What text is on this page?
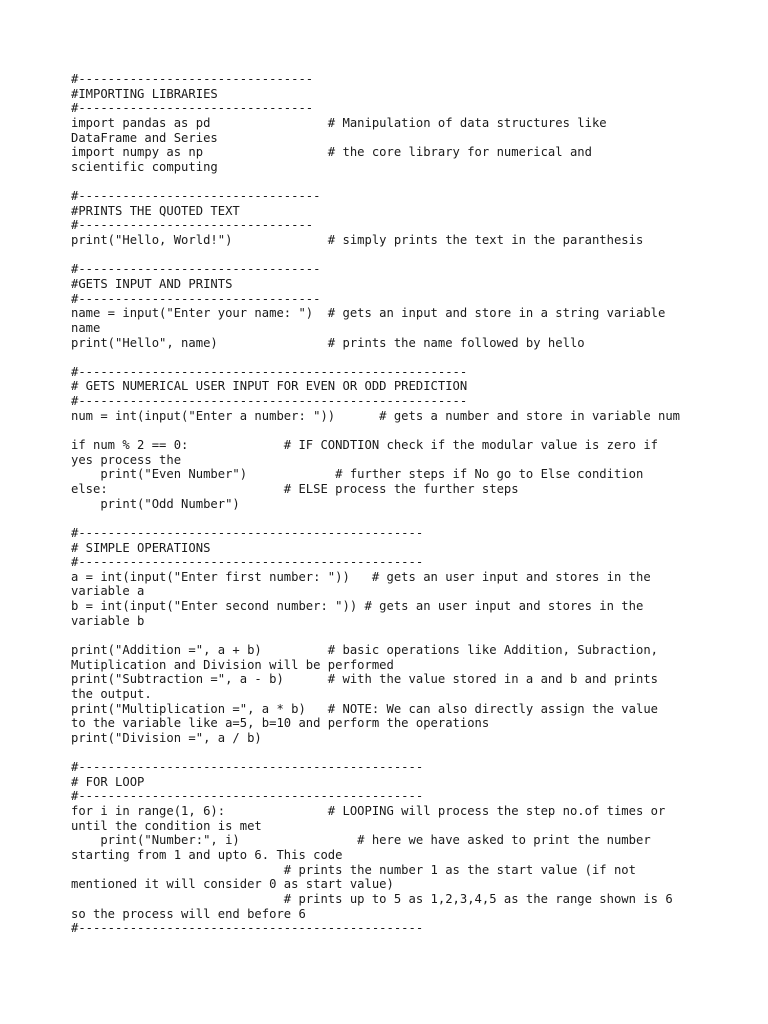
#--------------------------------
#IMPORTING LIBRARIES
#--------------------------------
import pandas as pd                # Manipulation of data structures like
DataFrame and Series
import numpy as np                 # the core library for numerical and
scientific computing
#---------------------------------
#PRINTS THE QUOTED TEXT
#--------------------------------
print("Hello, World!")             # simply prints the text in the paranthesis
#---------------------------------
#GETS INPUT AND PRINTS
#---------------------------------
name = input("Enter your name: ")  # gets an input and store in a string variable
name
print("Hello", name)               # prints the name followed by hello
#-----------------------------------------------------
# GETS NUMERICAL USER INPUT FOR EVEN OR ODD PREDICTION
#-----------------------------------------------------
num = int(input("Enter a number: "))      # gets a number and store in variable num
if num % 2 == 0:             # IF CONDTION check if the modular value is zero if
yes process the
print("Even Number")            # further steps if No go to Else condition
else:                        # ELSE process the further steps
print("Odd Number")
#-----------------------------------------------
# SIMPLE OPERATIONS
#-----------------------------------------------
a = int(input("Enter first number: "))   # gets an user input and stores in the
variable a
b = int(input("Enter second number: ")) # gets an user input and stores in the
variable b
print("Addition =", a + b)         # basic operations like Addition, Subraction,
Mutiplication and Division will be performed
print("Subtraction =", a - b)      # with the value stored in a and b and prints
the output.
print("Multiplication =", a * b)   # NOTE: We can also directly assign the value
to the variable like a=5, b=10 and perform the operations
print("Division =", a / b)
#-----------------------------------------------
# FOR LOOP
#-----------------------------------------------
for i in range(1, 6):              # LOOPING will process the step no.of times or
until the condition is met
print("Number:", i)                # here we have asked to print the number
starting from 1 and upto 6. This code
# prints the number 1 as the start value (if not
mentioned it will consider 0 as start value)
# prints up to 5 as 1,2,3,4,5 as the range shown is 6
so the process will end before 6
#-----------------------------------------------
